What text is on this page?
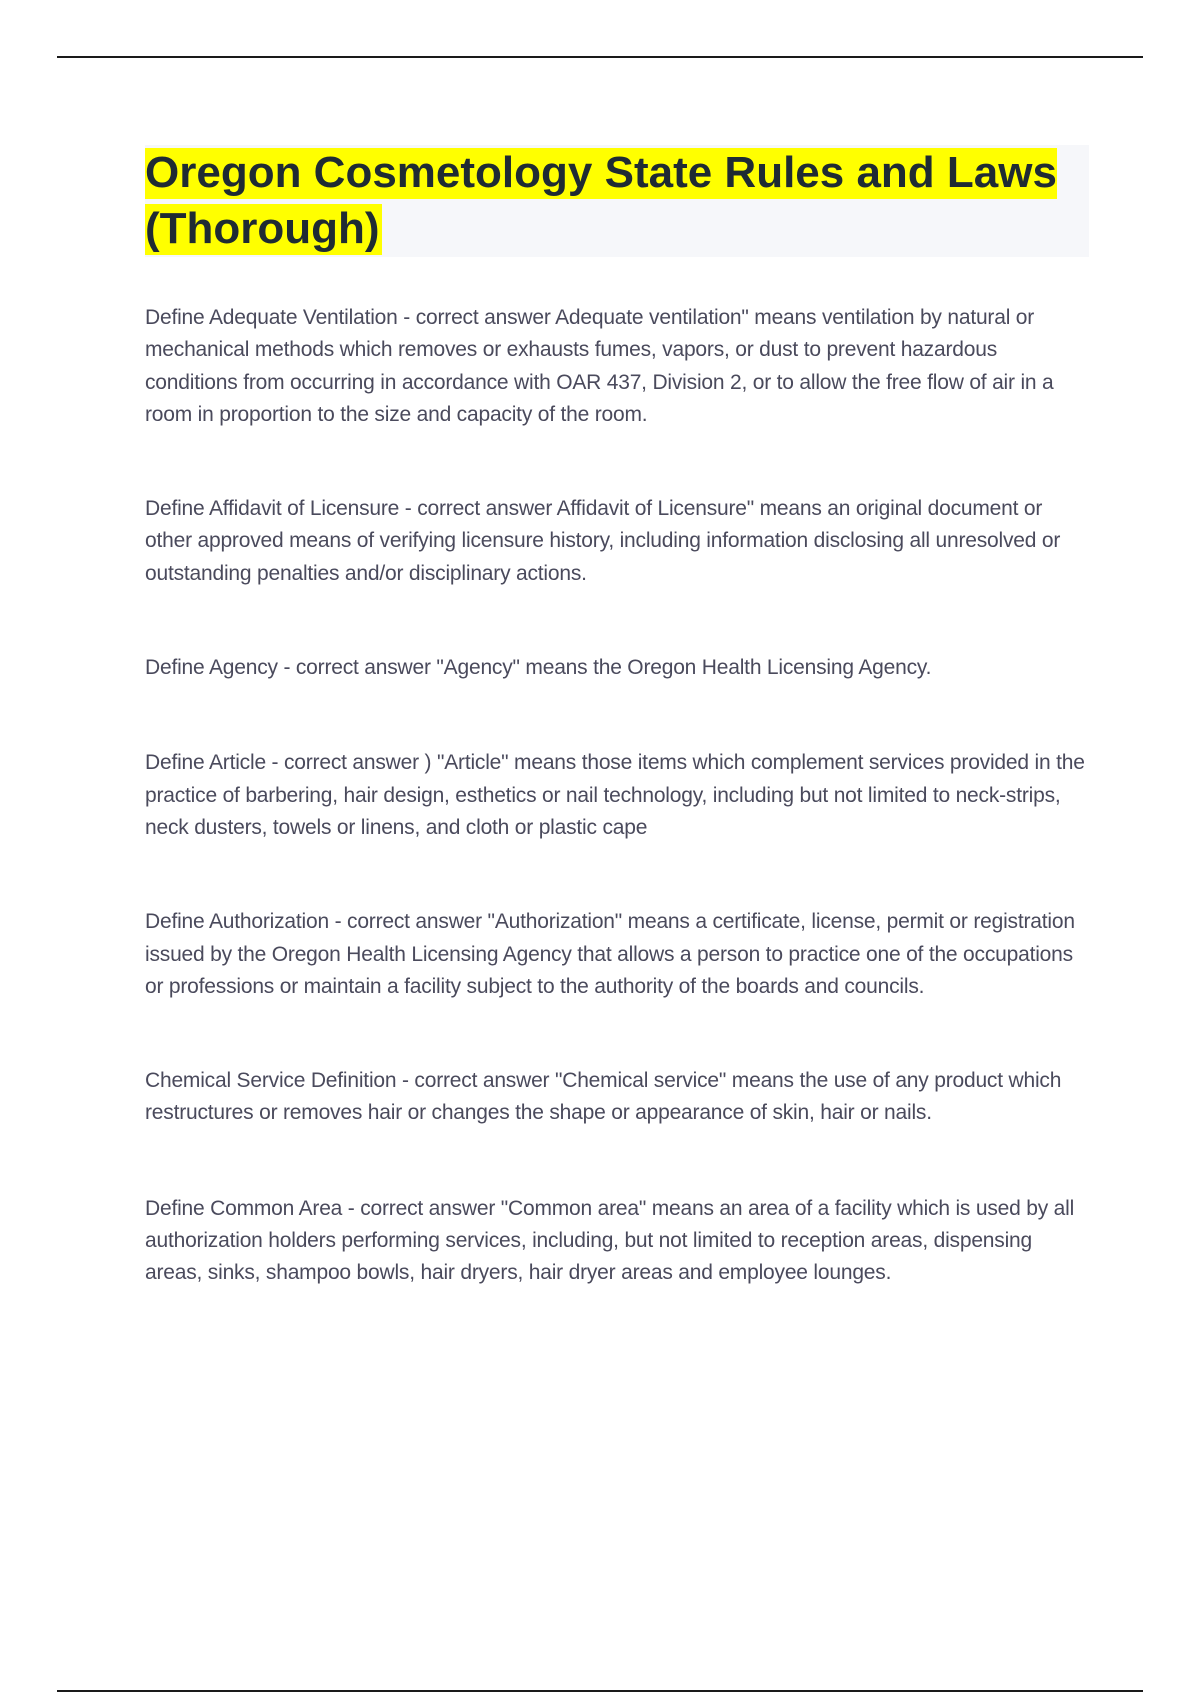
Oregon Cosmetology State Rules and Laws (Thorough)

Define Adequate Ventilation - correct answer Adequate ventilation" means ventilation by natural or mechanical methods which removes or exhausts fumes, vapors, or dust to prevent hazardous conditions from occurring in accordance with OAR 437, Division 2, or to allow the free flow of air in a room in proportion to the size and capacity of the room.

Define Affidavit of Licensure - correct answer Affidavit of Licensure" means an original document or other approved means of verifying licensure history, including information disclosing all unresolved or outstanding penalties and/or disciplinary actions.

Define Agency - correct answer "Agency" means the Oregon Health Licensing Agency.

Define Article - correct answer ) "Article" means those items which complement services provided in the practice of barbering, hair design, esthetics or nail technology, including but not limited to neck-strips, neck dusters, towels or linens, and cloth or plastic cape

Define Authorization - correct answer "Authorization" means a certificate, license, permit or registration issued by the Oregon Health Licensing Agency that allows a person to practice one of the occupations or professions or maintain a facility subject to the authority of the boards and councils.

Chemical Service Definition - correct answer "Chemical service" means the use of any product which restructures or removes hair or changes the shape or appearance of skin, hair or nails.

Define Common Area - correct answer "Common area" means an area of a facility which is used by all authorization holders performing services, including, but not limited to reception areas, dispensing areas, sinks, shampoo bowls, hair dryers, hair dryer areas and employee lounges.
